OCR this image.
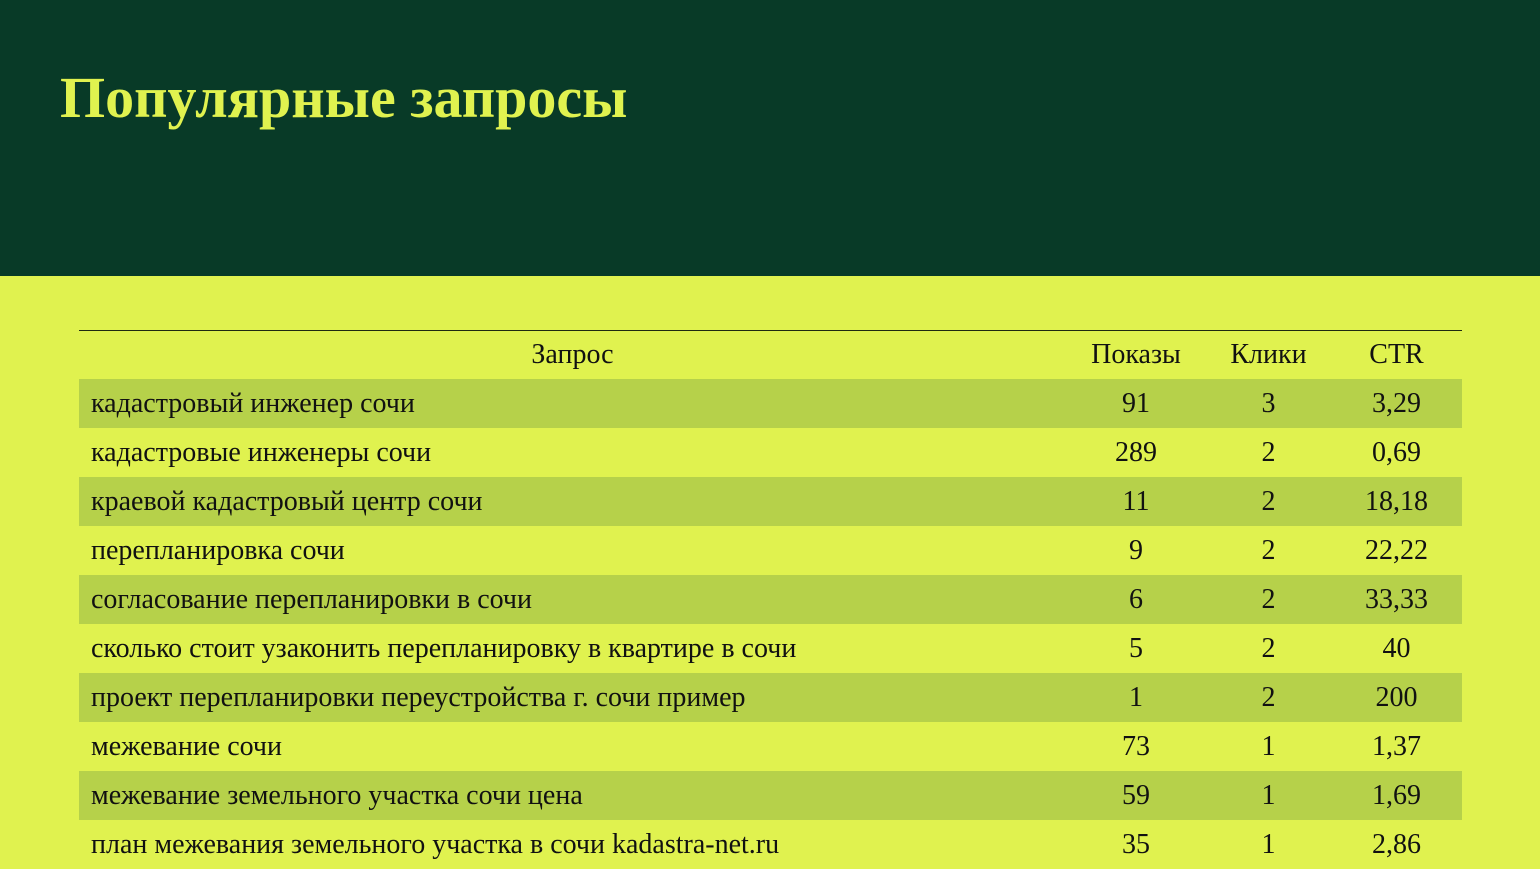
Популярные запросы
Запрос	Показы	Клики	CTR
кадастровый инженер сочи	91	3	3,29
кадастровые инженеры сочи	289	2	0,69
краевой кадастровый центр сочи	11	2	18,18
перепланировка сочи	9	2	22,22
согласование перепланировки в сочи	6	2	33,33
сколько стоит узаконить перепланировку в квартире в сочи	5	2	40
проект перепланировки переустройства г. сочи пример	1	2	200
межевание сочи	73	1	1,37
межевание земельного участка сочи цена	59	1	1,69
план межевания земельного участка в сочи kadastra-net.ru	35	1	2,86
